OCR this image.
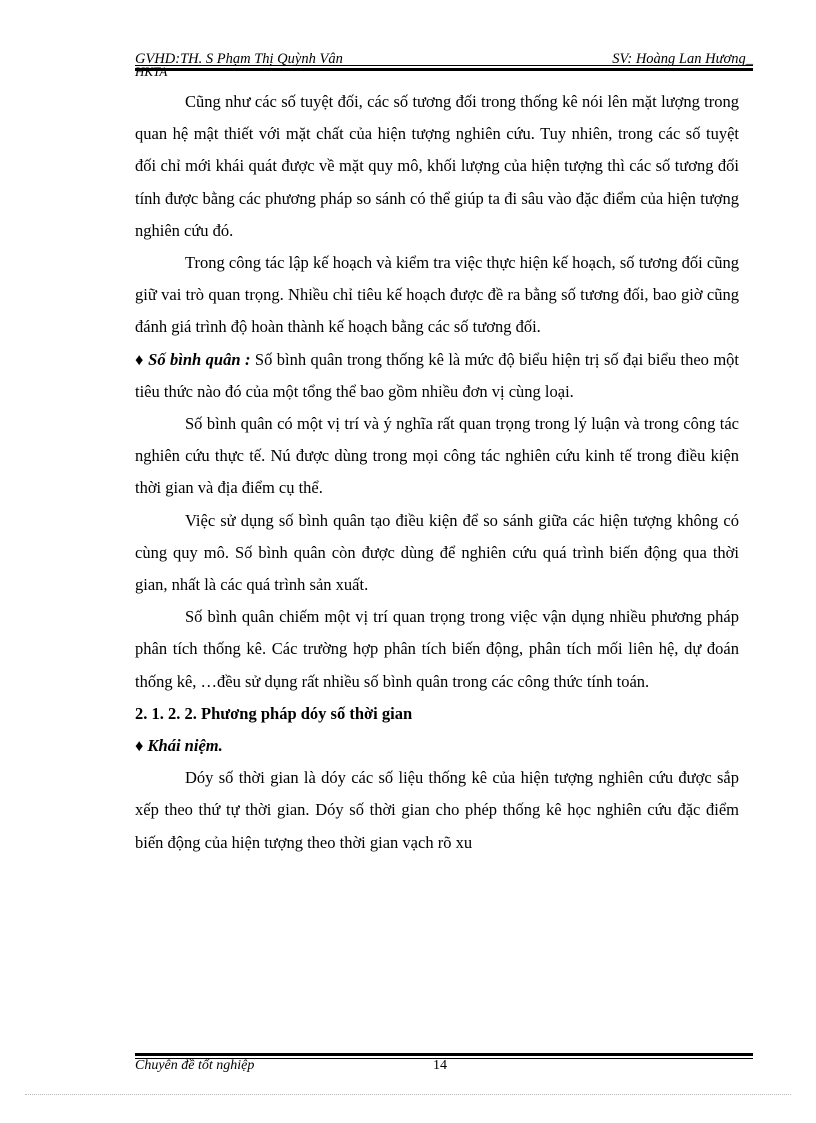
GVHD:TH. S Phạm Thị Quỳnh Vân
HKTA
SV: Hoàng Lan Hương_

Cũng như các số tuyệt đối, các số tương đối trong thống kê nói lên mặt lượng trong quan hệ mật thiết với mặt chất của hiện tượng nghiên cứu. Tuy nhiên, trong các số tuyệt đối chỉ mới khái quát được về mặt quy mô, khối lượng của hiện tượng thì các số tương đối tính được bằng các phương pháp so sánh có thể giúp ta đi sâu vào đặc điểm của hiện tượng nghiên cứu đó.

Trong công tác lập kế hoạch và kiểm tra việc thực hiện kế hoạch, số tương đối cũng giữ vai trò quan trọng. Nhiều chỉ tiêu kế hoạch được đề ra bằng số tương đối, bao giờ cũng đánh giá trình độ hoàn thành kế hoạch bằng các số tương đối.

♦ Số bình quân : Số bình quân trong thống kê là mức độ biểu hiện trị số đại biểu theo một tiêu thức nào đó của một tổng thể bao gồm nhiều đơn vị cùng loại.

Số bình quân có một vị trí và ý nghĩa rất quan trọng trong lý luận và trong công tác nghiên cứu thực tế. Nú được dùng trong mọi công tác nghiên cứu kinh tế trong điều kiện thời gian và địa điểm cụ thể.

Việc sử dụng số bình quân tạo điều kiện để so sánh giữa các hiện tượng không có cùng quy mô. Số bình quân còn được dùng để nghiên cứu quá trình biến động qua thời gian, nhất là các quá trình sản xuất.

Số bình quân chiếm một vị trí quan trọng trong việc vận dụng nhiều phương pháp phân tích thống kê. Các trường hợp phân tích biến động, phân tích mối liên hệ, dự đoán thống kê, …đều sử dụng rất nhiều số bình quân trong các công thức tính toán.

2. 1. 2. 2. Phương pháp dóy số thời gian

♦ Khái niệm.

Dóy số thời gian là dóy các số liệu thống kê của hiện tượng nghiên cứu được sắp xếp theo thứ tự thời gian. Dóy số thời gian cho phép thống kê học nghiên cứu đặc điểm biến động của hiện tượng theo thời gian vạch rõ xu

Chuyên đề tốt nghiệp	14
